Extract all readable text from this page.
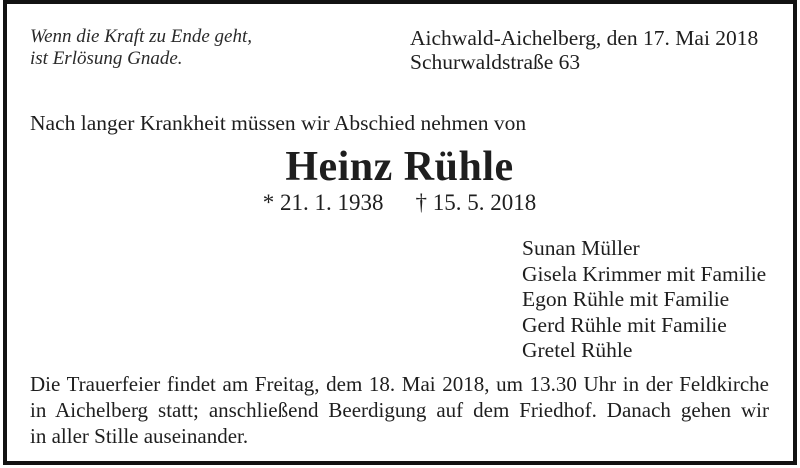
Wenn die Kraft zu Ende geht,
ist Erlösung Gnade.
Aichwald-Aichelberg, den 17. Mai 2018
Schurwaldstraße 63
Nach langer Krankheit müssen wir Abschied nehmen von
Heinz Rühle
* 21. 1. 1938 † 15. 5. 2018
Sunan Müller
Gisela Krimmer mit Familie
Egon Rühle mit Familie
Gerd Rühle mit Familie
Gretel Rühle
Die Trauerfeier findet am Freitag, dem 18. Mai 2018, um 13.30 Uhr in der Feldkirche
in Aichelberg statt; anschließend Beerdigung auf dem Friedhof. Danach gehen wir
in aller Stille auseinander.
